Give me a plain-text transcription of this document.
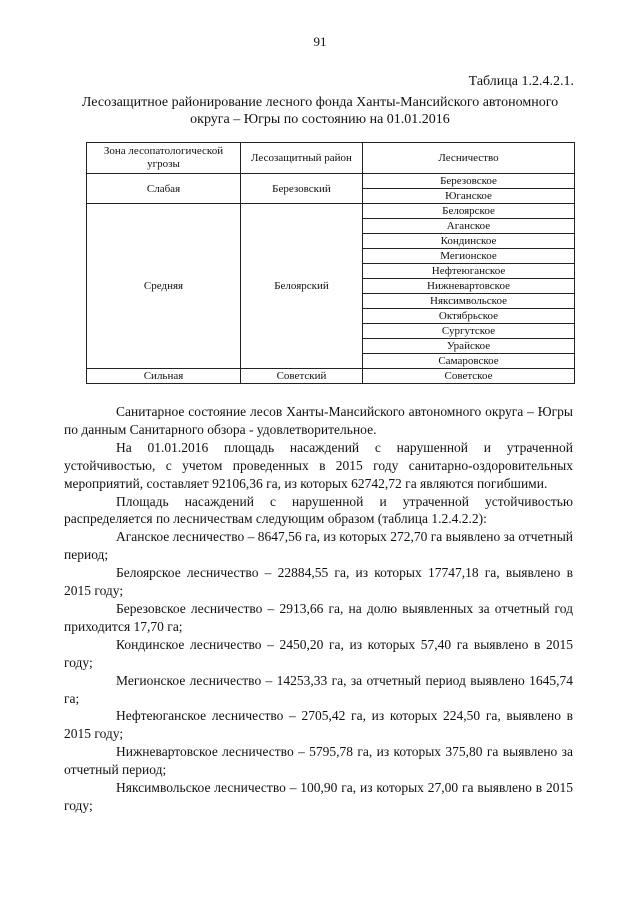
91
Таблица 1.2.4.2.1.
Лесозащитное районирование лесного фонда Ханты-Мансийского автономного округа – Югры по состоянию на 01.01.2016
Зона лесопатологической угрозы	Лесозащитный район	Лесничество
Слабая	Березовский	Березовское
		Юганское
Средняя	Белоярский	Белоярское
		Аганское
		Кондинское
		Мегионское
		Нефтеюганское
		Нижневартовское
		Няксимвольское
		Октябрьское
		Сургутское
		Урайское
		Самаровское
Сильная	Советский	Советское

Санитарное состояние лесов Ханты-Мансийского автономного округа – Югры по данным Санитарного обзора - удовлетворительное.

На 01.01.2016 площадь насаждений с нарушенной и утраченной устойчивостью, с учетом проведенных в 2015 году санитарно-оздоровительных мероприятий, составляет 92106,36 га, из которых 62742,72 га являются погибшими.

Площадь насаждений с нарушенной и утраченной устойчивостью распределяется по лесничествам следующим образом (таблица 1.2.4.2.2):

Аганское лесничество – 8647,56 га, из которых 272,70 га выявлено за отчетный период;

Белоярское лесничество – 22884,55 га, из которых 17747,18 га, выявлено в 2015 году;

Березовское лесничество – 2913,66 га, на долю выявленных за отчетный год приходится 17,70 га;

Кондинское лесничество – 2450,20 га, из которых 57,40 га выявлено в 2015 году;

Мегионское лесничество – 14253,33 га, за отчетный период выявлено 1645,74 га;

Нефтеюганское лесничество – 2705,42 га, из которых 224,50 га, выявлено в 2015 году;

Нижневартовское лесничество – 5795,78 га, из которых 375,80 га выявлено за отчетный период;

Няксимвольское лесничество – 100,90 га, из которых 27,00 га выявлено в 2015 году;
